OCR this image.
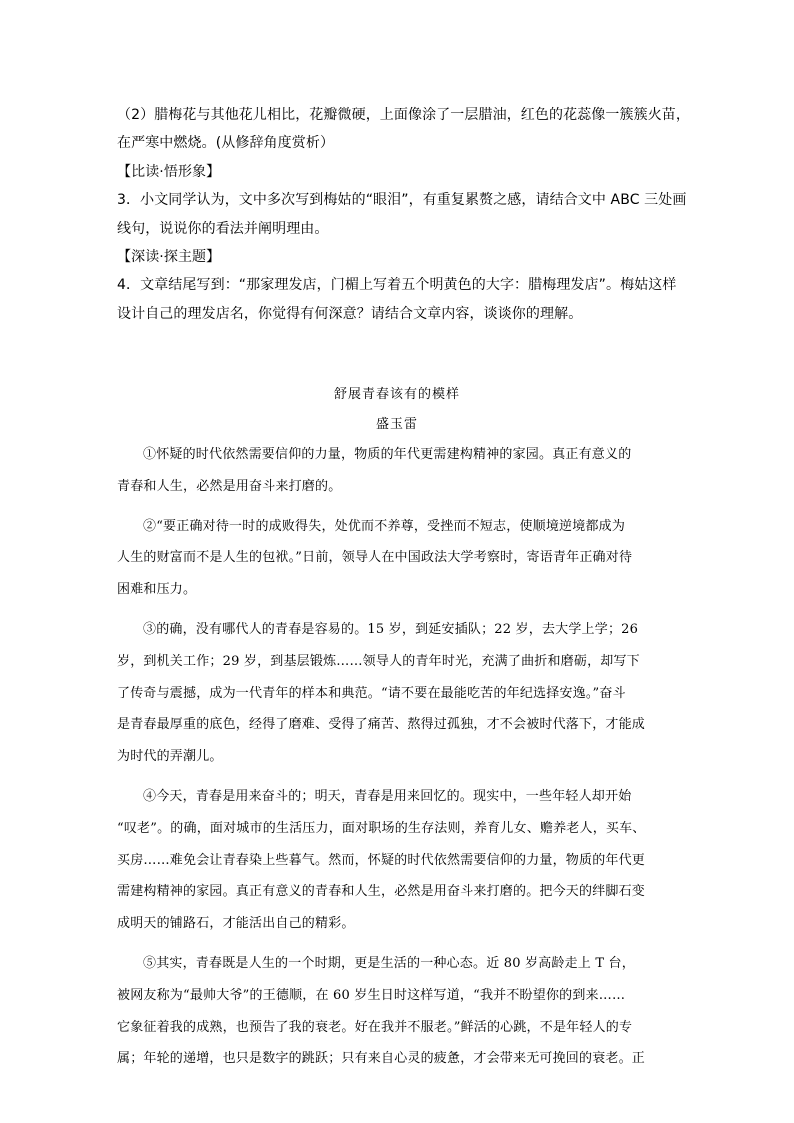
（2）腊梅花与其他花儿相比，花瓣微硬，上面像涂了一层腊油，红色的花蕊像一簇簇火苗，

在严寒中燃烧。(从修辞角度赏析）

【比读·悟形象】

3．小文同学认为，文中多次写到梅姑的“眼泪”，有重复累赘之感，请结合文中 ABC 三处画

线句，说说你的看法并阐明理由。

【深读·探主题】

4．文章结尾写到：“那家理发店，门楣上写着五个明黄色的大字：腊梅理发店”。梅姑这样

设计自己的理发店名，你觉得有何深意？请结合文章内容，谈谈你的理解。

舒展青春该有的模样
盛玉雷
①怀疑的时代依然需要信仰的力量，物质的年代更需建构精神的家园。真正有意义的
青春和人生，必然是用奋斗来打磨的。
②“要正确对待一时的成败得失，处优而不养尊，受挫而不短志，使顺境逆境都成为
人生的财富而不是人生的包袱。”日前，领导人在中国政法大学考察时，寄语青年正确对待
困难和压力。
③的确，没有哪代人的青春是容易的。15 岁，到延安插队；22 岁，去大学上学；26
岁，到机关工作；29 岁，到基层锻炼……领导人的青年时光，充满了曲折和磨砺，却写下
了传奇与震撼，成为一代青年的样本和典范。“请不要在最能吃苦的年纪选择安逸。”奋斗
是青春最厚重的底色，经得了磨难、受得了痛苦、熬得过孤独，才不会被时代落下，才能成
为时代的弄潮儿。
④今天，青春是用来奋斗的；明天，青春是用来回忆的。现实中，一些年轻人却开始
“叹老”。的确，面对城市的生活压力，面对职场的生存法则，养育儿女、赡养老人，买车、
买房……难免会让青春染上些暮气。然而，怀疑的时代依然需要信仰的力量，物质的年代更
需建构精神的家园。真正有意义的青春和人生，必然是用奋斗来打磨的。把今天的绊脚石变
成明天的铺路石，才能活出自己的精彩。
⑤其实，青春既是人生的一个时期，更是生活的一种心态。近 80 岁高龄走上 T 台，
被网友称为“最帅大爷”的王德顺，在 60 岁生日时这样写道，“我并不盼望你的到来……
它象征着我的成熟，也预告了我的衰老。好在我并不服老。”鲜活的心跳，不是年轻人的专
属；年轮的递增，也只是数字的跳跃；只有来自心灵的疲惫，才会带来无可挽回的衰老。正
